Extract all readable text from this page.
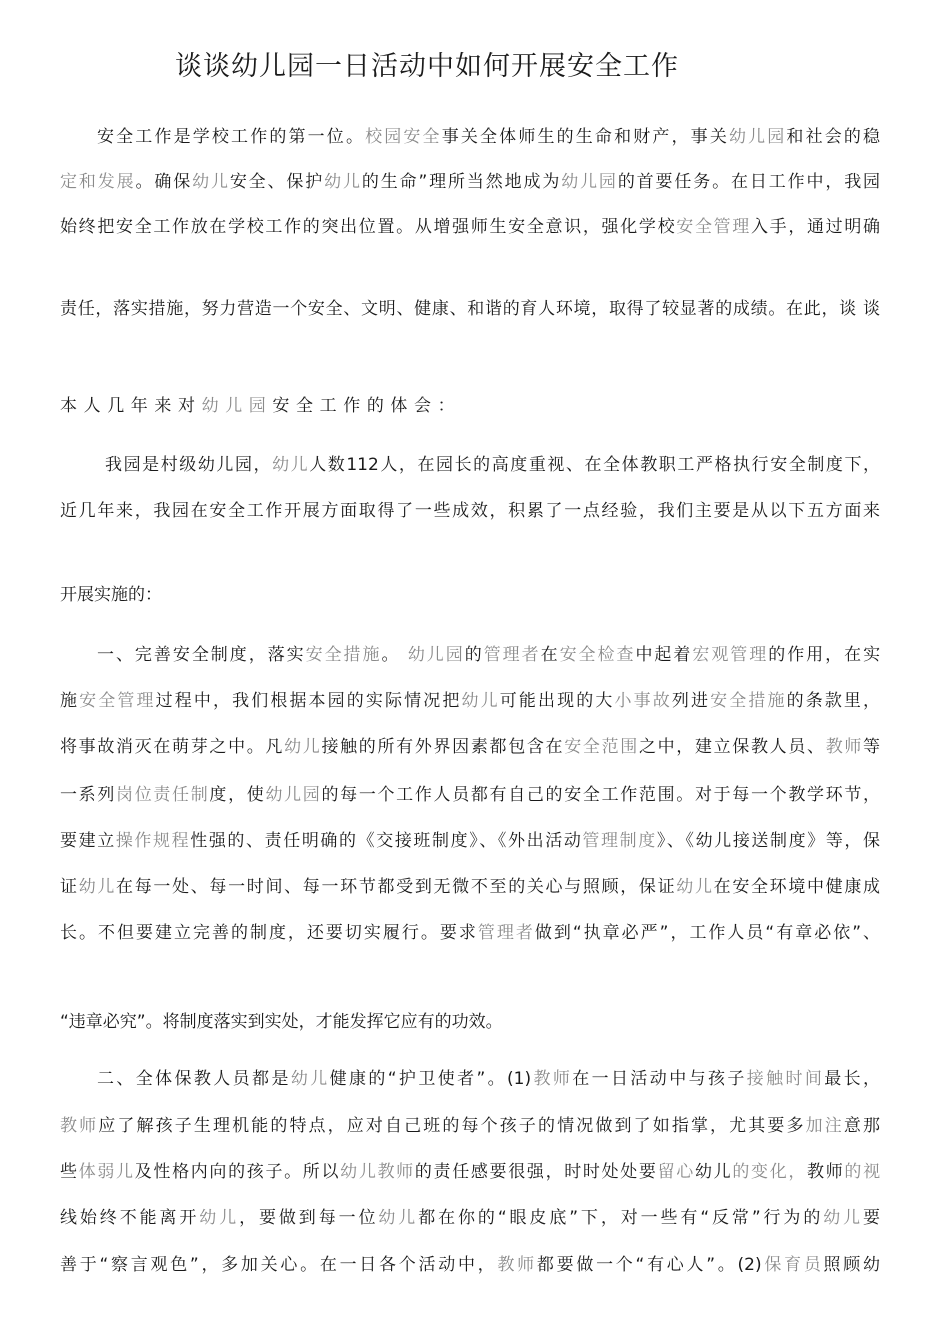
谈谈幼儿园一日活动中如何开展安全工作
安全工作是学校工作的第一位。校园安全事关全体师生的生命和财产，事关幼儿园和社会的稳
定和发展。确保幼儿安全、保护幼儿的生命”理所当然地成为幼儿园的首要任务。在日工作中，我园
始终把安全工作放在学校工作的突出位置。从增强师生安全意识，强化学校安全管理入手，通过明确
责任，落实措施，努力营造一个安全、文明、健康、和谐的育人环境，取得了较显著的成绩。在此，谈 谈
本人几年来对幼儿园安全工作的体会：
我园是村级幼儿园，幼儿人数112人，在园长的高度重视、在全体教职工严格执行安全制度下，
近几年来，我园在安全工作开展方面取得了一些成效，积累了一点经验，我们主要是从以下五方面来
开展实施的：
一、完善安全制度，落实安全措施。 幼儿园的管理者在安全检查中起着宏观管理的作用，在实
施安全管理过程中，我们根据本园的实际情况把幼儿可能出现的大小事故列进安全措施的条款里，
将事故消灭在萌芽之中。凡幼儿接触的所有外界因素都包含在安全范围之中，建立保教人员、教师等
一系列岗位责任制度，使幼儿园的每一个工作人员都有自己的安全工作范围。对于每一个教学环节，
要建立操作规程性强的、责任明确的《交接班制度》、《外出活动管理制度》、《幼儿接送制度》等，保
证幼儿在每一处、每一时间、每一环节都受到无微不至的关心与照顾，保证幼儿在安全环境中健康成
长。不但要建立完善的制度，还要切实履行。要求管理者做到“执章必严”，工作人员“有章必依”、
“违章必究”。将制度落实到实处，才能发挥它应有的功效。
二、全体保教人员都是幼儿健康的“护卫使者”。(1)教师在一日活动中与孩子接触时间最长，
教师应了解孩子生理机能的特点，应对自己班的每个孩子的情况做到了如指掌，尤其要多加注意那
些体弱儿及性格内向的孩子。所以幼儿教师的责任感要很强，时时处处要留心幼儿的变化，教师的视
线始终不能离开幼儿，要做到每一位幼儿都在你的“眼皮底”下，对一些有“反常”行为的幼儿要
善于“察言观色”，多加关心。在一日各个活动中，教师都要做一个“有心人”。(2)保育员照顾幼
